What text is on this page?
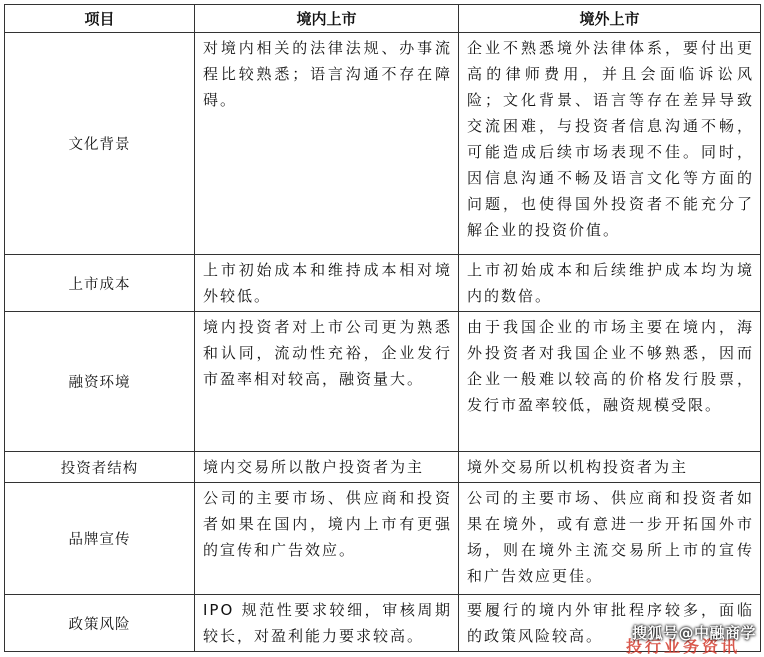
项目	境内上市	境外上市
文化背景	对境内相关的法律法规、办事流程比较熟悉；语言沟通不存在障碍。	企业不熟悉境外法律体系，要付出更高的律师费用，并且会面临诉讼风险；文化背景、语言等存在差异导致交流困难，与投资者信息沟通不畅，可能造成后续市场表现不佳。同时，因信息沟通不畅及语言文化等方面的问题，也使得国外投资者不能充分了解企业的投资价值。
上市成本	上市初始成本和维持成本相对境外较低。	上市初始成本和后续维护成本均为境内的数倍。
融资环境	境内投资者对上市公司更为熟悉和认同，流动性充裕，企业发行市盈率相对较高，融资量大。	由于我国企业的市场主要在境内，海外投资者对我国企业不够熟悉，因而企业一般难以较高的价格发行股票，发行市盈率较低，融资规模受限。
投资者结构	境内交易所以散户投资者为主	境外交易所以机构投资者为主
品牌宣传	公司的主要市场、供应商和投资者如果在国内，境内上市有更强的宣传和广告效应。	公司的主要市场、供应商和投资者如果在境外，或有意进一步开拓国外市场，则在境外主流交易所上市的宣传和广告效应更佳。
政策风险	IPO 规范性要求较细，审核周期较长，对盈利能力要求较高。	要履行的境内外审批程序较多，面临的政策风险较高。
投行业务资讯
搜狐号@中融商学
